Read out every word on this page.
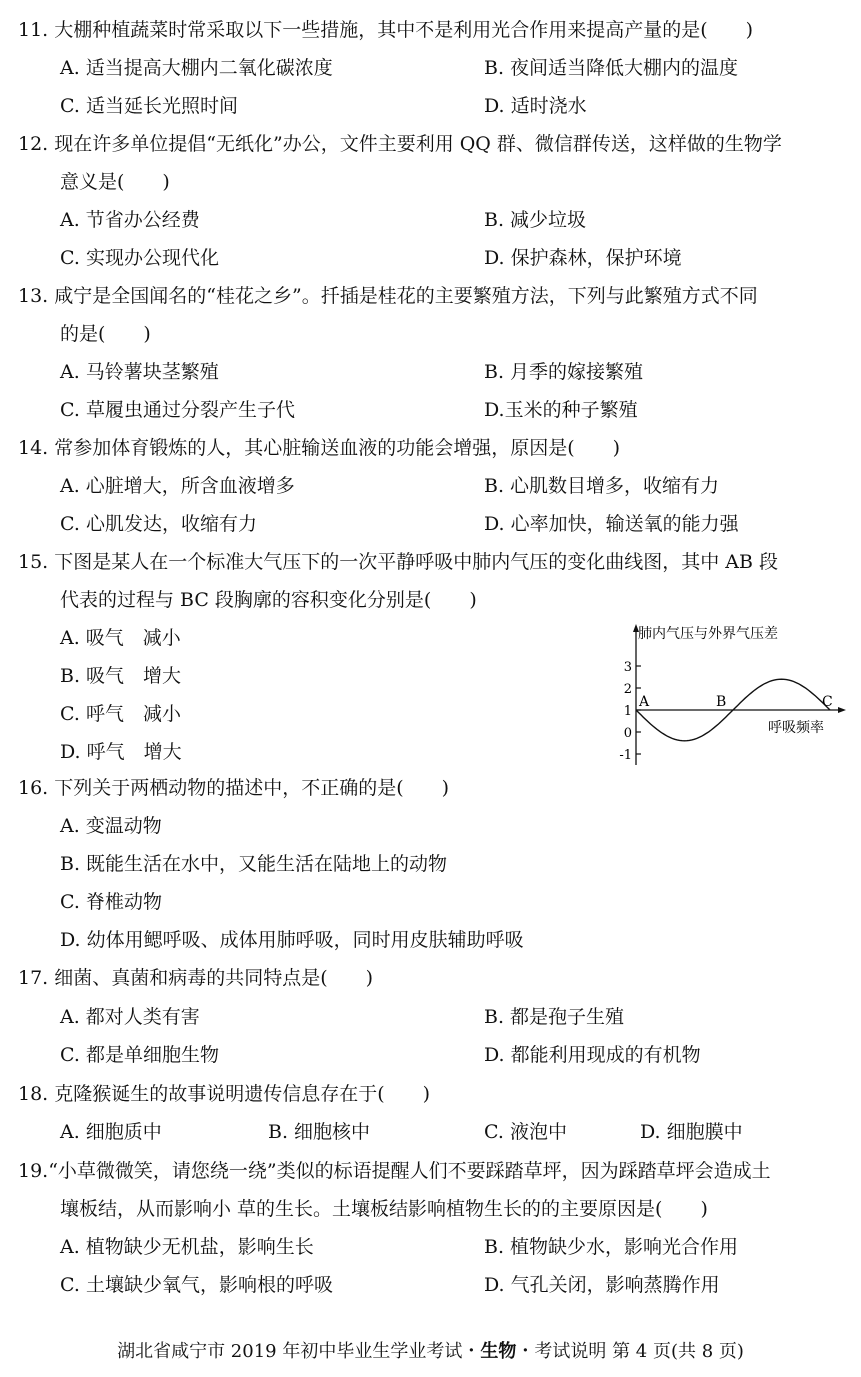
11. 大棚种植蔬菜时常采取以下一些措施，其中不是利用光合作用来提高产量的是(　　)
A. 适当提高大棚内二氧化碳浓度	B. 夜间适当降低大棚内的温度
C. 适当延长光照时间	D. 适时浇水
12. 现在许多单位提倡“无纸化”办公，文件主要利用 QQ 群、微信群传送，这样做的生物学
意义是(　　)
A. 节省办公经费	B. 减少垃圾
C. 实现办公现代化	D. 保护森林，保护环境
13. 咸宁是全国闻名的“桂花之乡”。扦插是桂花的主要繁殖方法，下列与此繁殖方式不同
的是(　　)
A. 马铃薯块茎繁殖	B. 月季的嫁接繁殖
C. 草履虫通过分裂产生子代	D.玉米的种子繁殖
14. 常参加体育锻炼的人，其心脏输送血液的功能会增强，原因是(　　)
A. 心脏增大，所含血液增多	B. 心肌数目增多，收缩有力
C. 心肌发达，收缩有力	D. 心率加快，输送氧的能力强
15. 下图是某人在一个标准大气压下的一次平静呼吸中肺内气压的变化曲线图，其中 AB 段
代表的过程与 BC 段胸廓的容积变化分别是(　　)
A. 吸气　减小
B. 吸气　增大
C. 呼气　减小
D. 呼气　增大
3
2
1
0
-1
肺内气压与外界气压差
呼吸频率
A	B	C
16. 下列关于两栖动物的描述中，不正确的是(　　)
A. 变温动物
B. 既能生活在水中，又能生活在陆地上的动物
C. 脊椎动物
D. 幼体用鳃呼吸、成体用肺呼吸，同时用皮肤辅助呼吸
17. 细菌、真菌和病毒的共同特点是(　　)
A. 都对人类有害	B. 都是孢子生殖
C. 都是单细胞生物	D. 都能利用现成的有机物
18. 克隆猴诞生的故事说明遗传信息存在于(　　)
A. 细胞质中	B. 细胞核中	C. 液泡中	D. 细胞膜中
19.“小草微微笑，请您绕一绕”类似的标语提醒人们不要踩踏草坪，因为踩踏草坪会造成土
壤板结，从而影响小 草的生长。土壤板结影响植物生长的的主要原因是(　　)
A. 植物缺少无机盐，影响生长	B. 植物缺少水，影响光合作用
C. 土壤缺少氧气，影响根的呼吸	D. 气孔关闭，影响蒸腾作用
湖北省咸宁市 2019 年初中毕业生学业考试・生物・考试说明 第 4 页(共 8 页)
